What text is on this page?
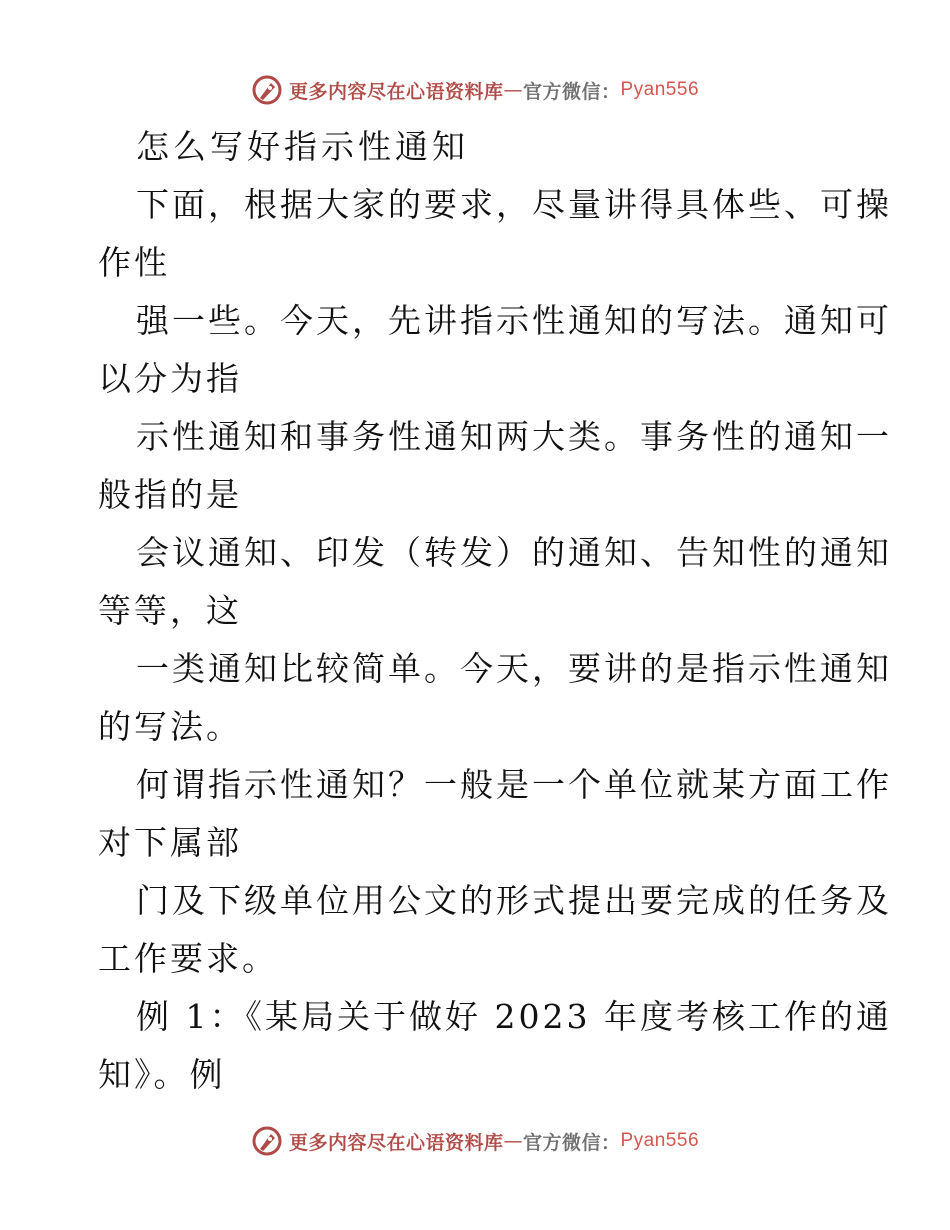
更多内容尽在心语资料库 — 官方微信： Pyan556
怎么写好指示性通知
下面，根据大家的要求，尽量讲得具体些、可操
作性
强一些。今天，先讲指示性通知的写法。通知可
以分为指
示性通知和事务性通知两大类。事务性的通知一
般指的是
会议通知、印发（转发）的通知、告知性的通知
等等，这
一类通知比较简单。今天，要讲的是指示性通知
的写法。
何谓指示性通知？一般是一个单位就某方面工作
对下属部
门及下级单位用公文的形式提出要完成的任务及
工作要求。
例 1：《某局关于做好 2023 年度考核工作的通
知》。例
更多内容尽在心语资料库 — 官方微信： Pyan556
